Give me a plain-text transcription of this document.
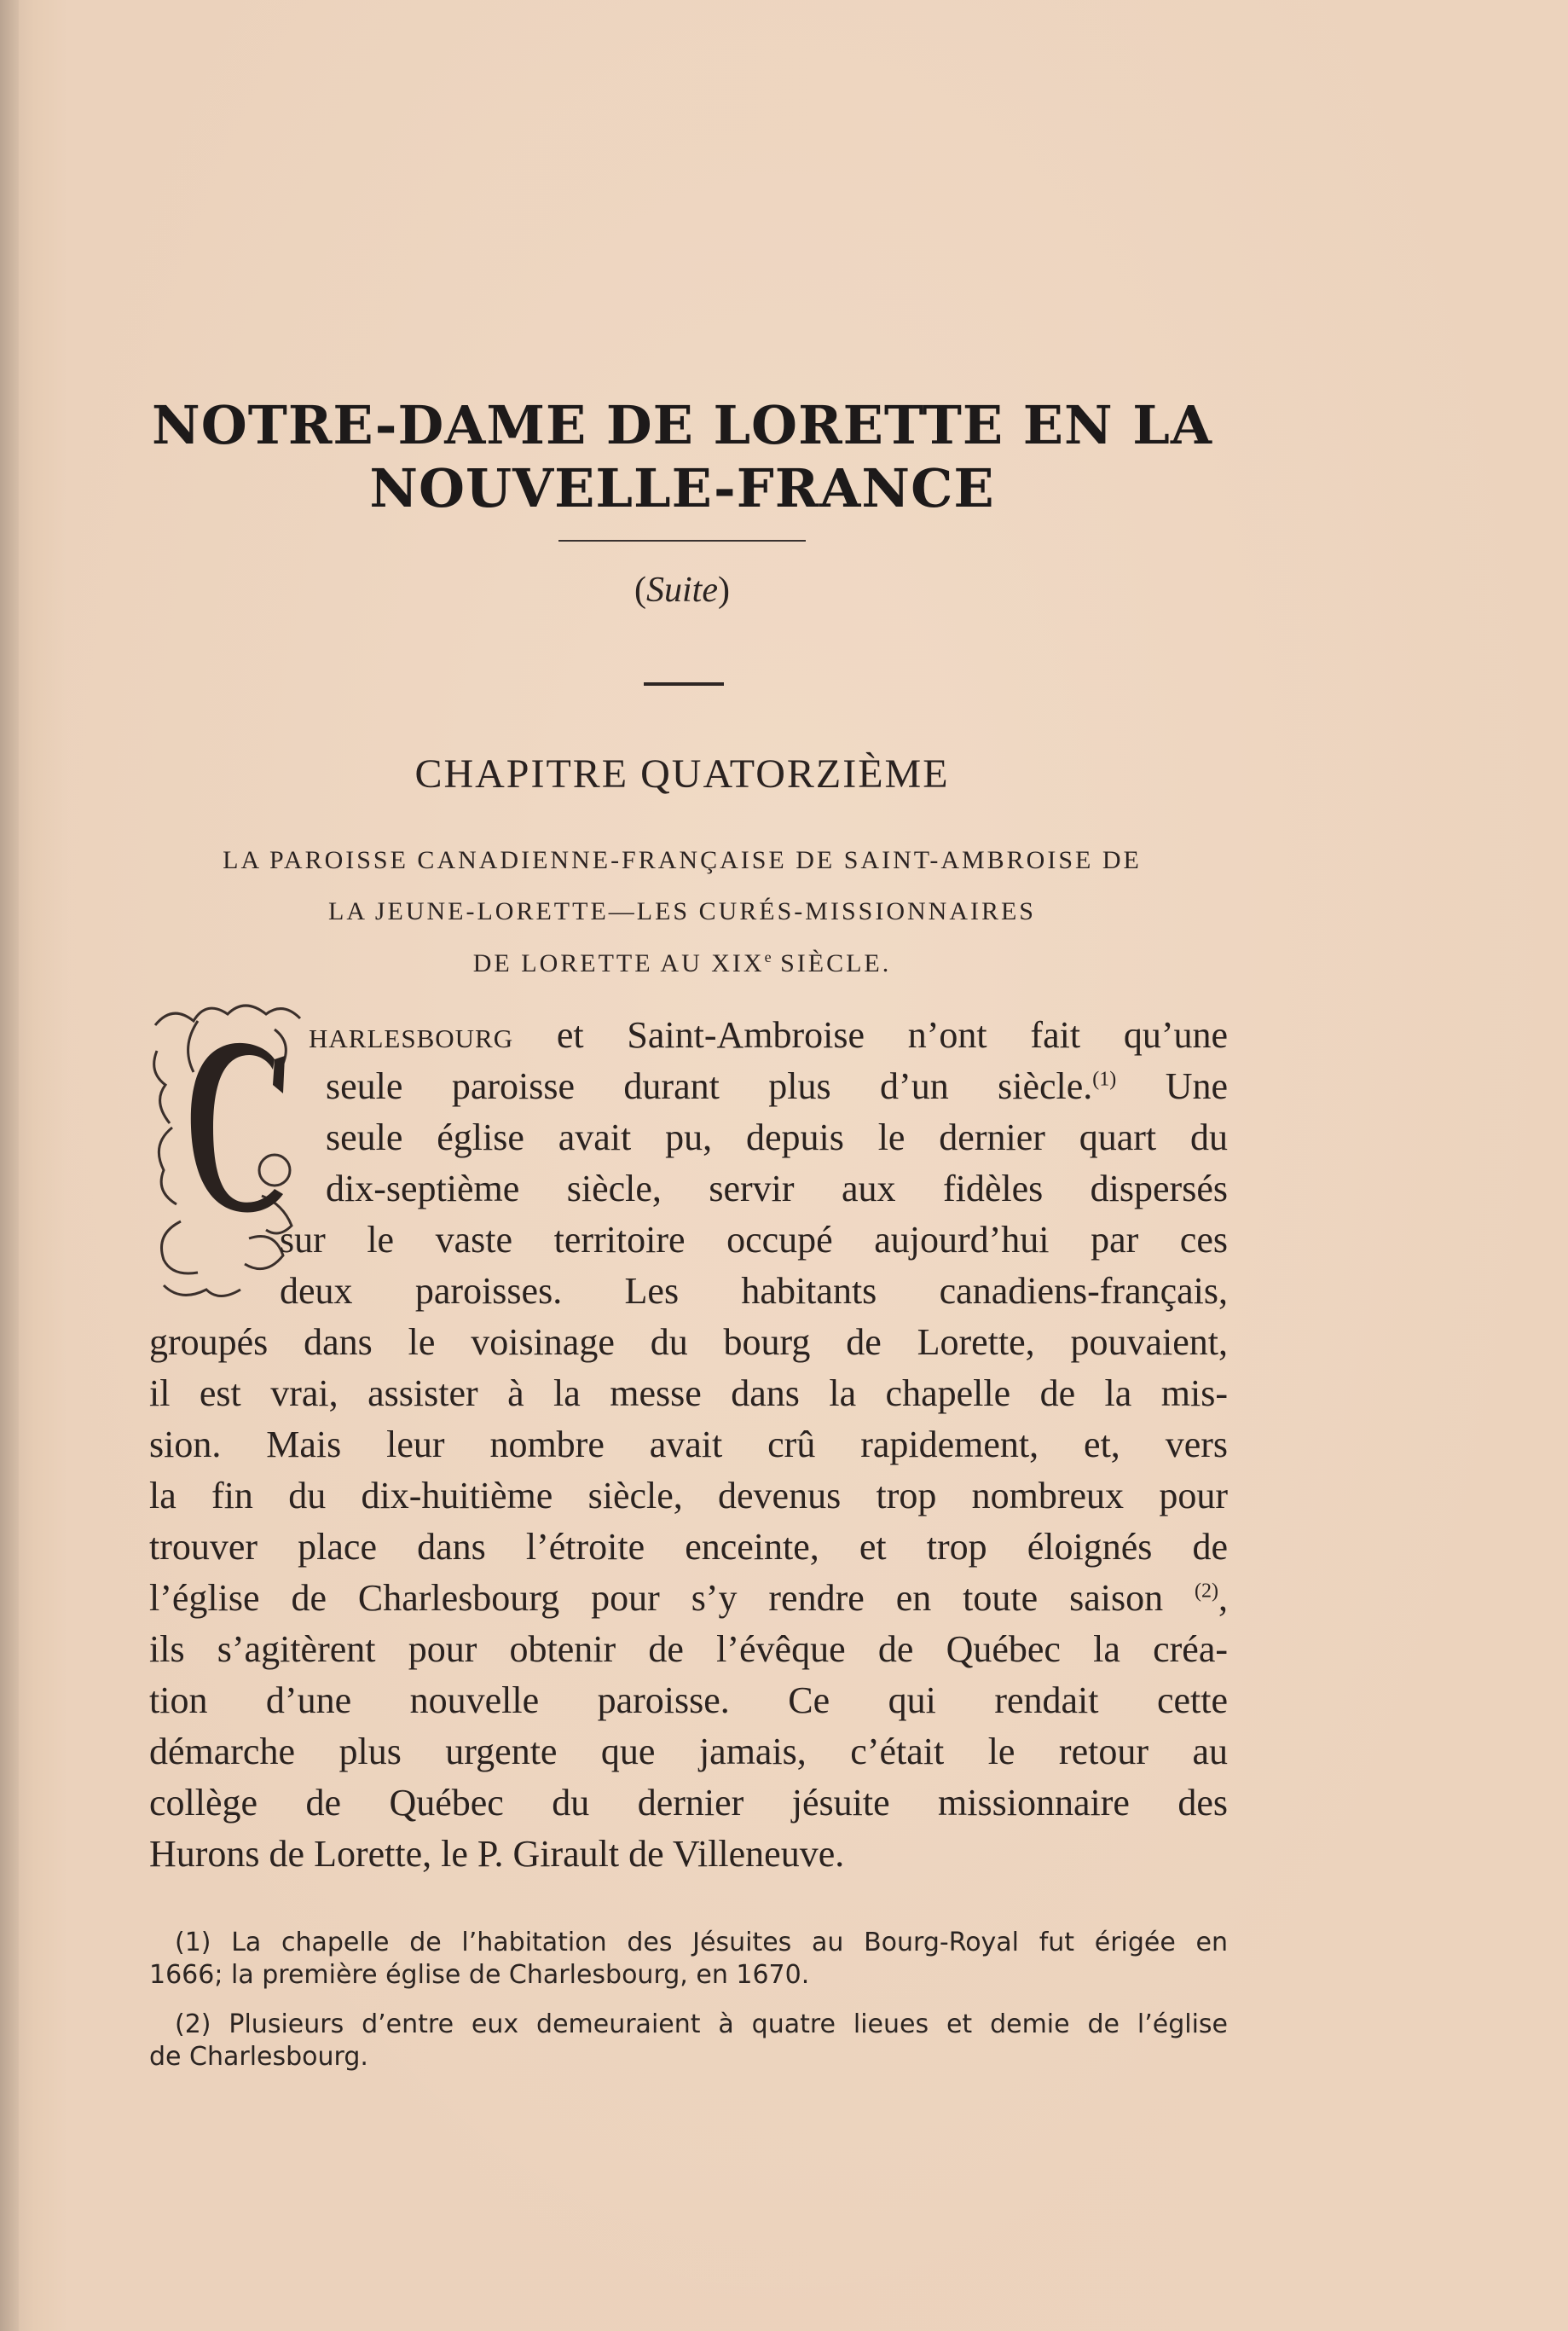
NOTRE-DAME DE LORETTE EN LA
NOUVELLE-FRANCE
(Suite)
CHAPITRE QUATORZIÈME
LA PAROISSE CANADIENNE-FRANÇAISE DE SAINT-AMBROISE DE
LA JEUNE-LORETTE—LES CURÉS-MISSIONNAIRES
DE LORETTE AU XIXe SIÈCLE.
C

harlesbourg et Saint-Ambroise n’ont fait qu’une

seule paroisse durant plus d’un siècle.$^{(1)}$ Une

seule église avait pu, depuis le dernier quart du

dix-septième siècle, servir aux fidèles dispersés

sur le vaste territoire occupé aujourd’hui par ces

deux paroisses. Les habitants canadiens-français,

groupés dans le voisinage du bourg de Lorette, pouvaient,

il est vrai, assister à la messe dans la chapelle de la mis-

sion. Mais leur nombre avait crû rapidement, et, vers

la fin du dix-huitième siècle, devenus trop nombreux pour

trouver place dans l’étroite enceinte, et trop éloignés de

l’église de Charlesbourg pour s’y rendre en toute saison $^{(2)}$,

ils s’agitèrent pour obtenir de l’évêque de Québec la créa-

tion d’une nouvelle paroisse. Ce qui rendait cette

démarche plus urgente que jamais, c’était le retour au

collège de Québec du dernier jésuite missionnaire des

Hurons de Lorette, le P. Girault de Villeneuve.

(1) La chapelle de l’habitation des Jésuites au Bourg-Royal fut érigée en

1666; la première église de Charlesbourg, en 1670.

(2) Plusieurs d’entre eux demeuraient à quatre lieues et demie de l’église

de Charlesbourg.
